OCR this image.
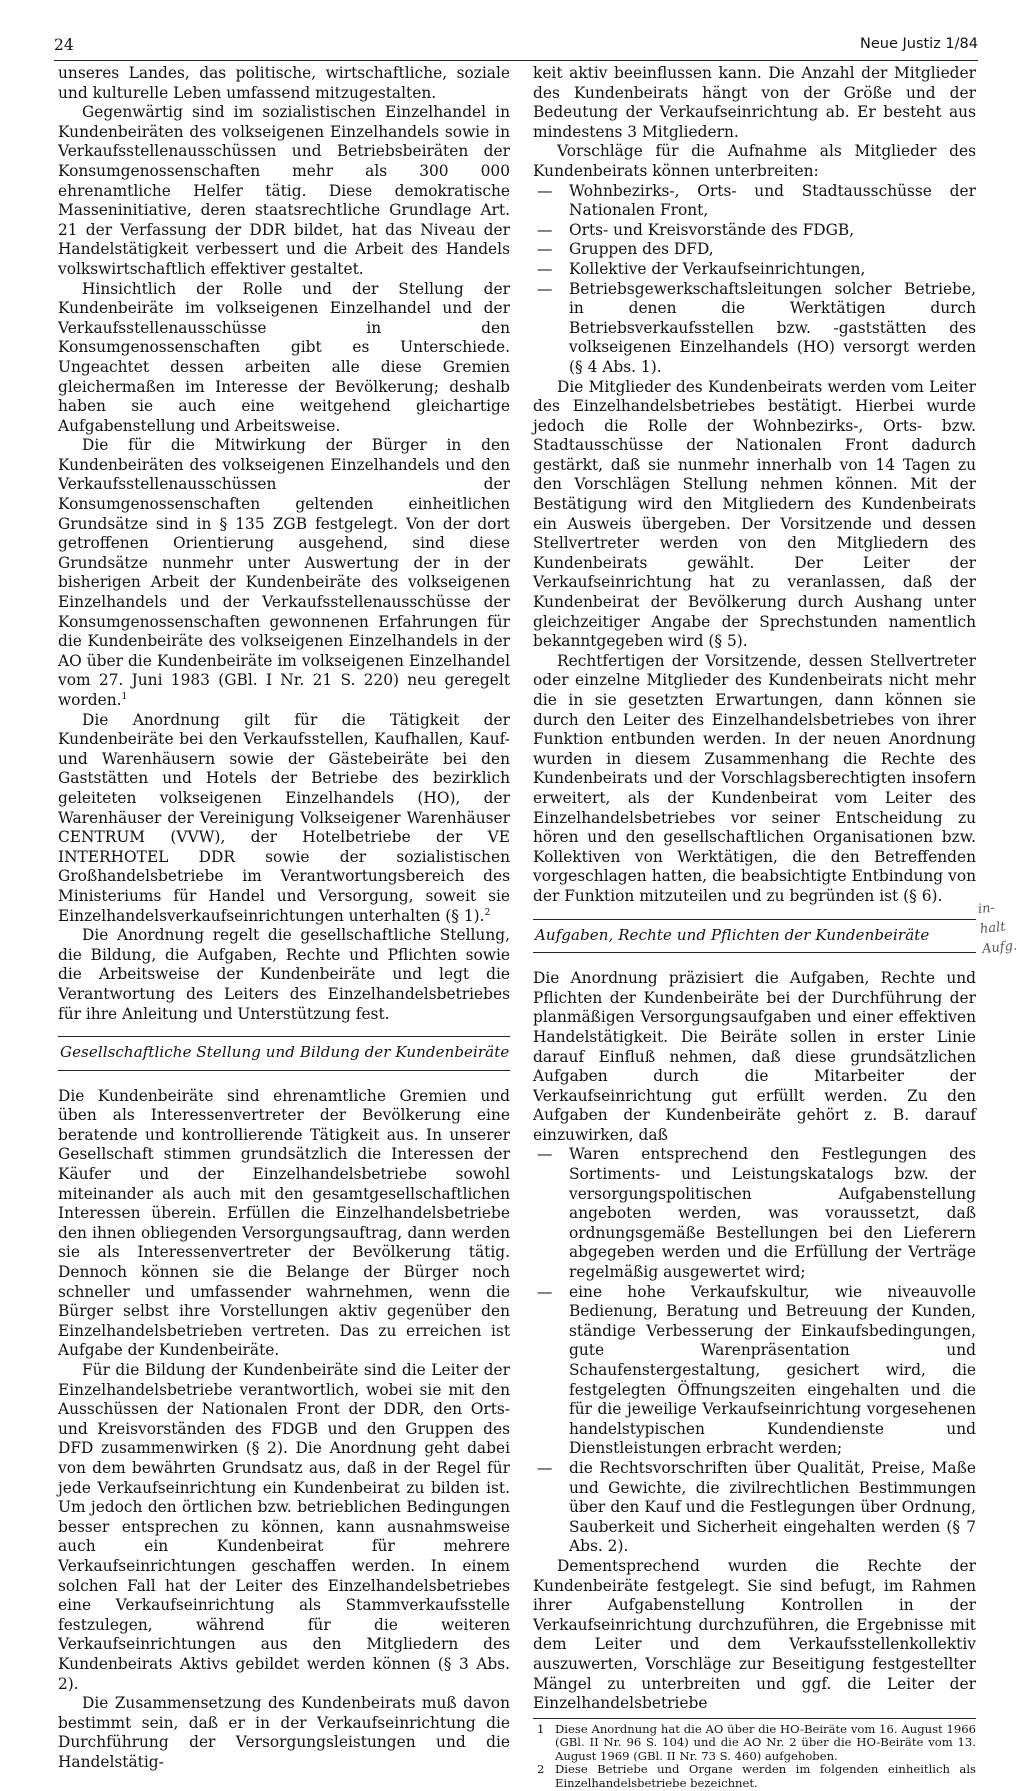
24	Neue Justiz 1/84

unseres Landes, das politische, wirtschaftliche, soziale und kulturelle Leben umfassend mitzugestalten.

Gegenwärtig sind im sozialistischen Einzelhandel in Kundenbeiräten des volkseigenen Einzelhandels sowie in Verkaufsstellenausschüssen und Betriebsbeiräten der Konsumgenossenschaften mehr als 300 000 ehrenamtliche Helfer tätig. Diese demokratische Masseninitiative, deren staatsrechtliche Grundlage Art. 21 der Verfassung der DDR bildet, hat das Niveau der Handelstätigkeit verbessert und die Arbeit des Handels volkswirtschaftlich effektiver gestaltet.

Hinsichtlich der Rolle und der Stellung der Kundenbeiräte im volkseigenen Einzelhandel und der Verkaufsstellenausschüsse in den Konsumgenossenschaften gibt es Unterschiede. Ungeachtet dessen arbeiten alle diese Gremien gleichermaßen im Interesse der Bevölkerung; deshalb haben sie auch eine weitgehend gleichartige Aufgabenstellung und Arbeitsweise.

Die für die Mitwirkung der Bürger in den Kundenbeiräten des volkseigenen Einzelhandels und den Verkaufsstellenausschüssen der Konsumgenossenschaften geltenden einheitlichen Grundsätze sind in § 135 ZGB festgelegt. Von der dort getroffenen Orientierung ausgehend, sind diese Grundsätze nunmehr unter Auswertung der in der bisherigen Arbeit der Kundenbeiräte des volkseigenen Einzelhandels und der Verkaufsstellenausschüsse der Konsumgenossenschaften gewonnenen Erfahrungen für die Kundenbeiräte des volkseigenen Einzelhandels in der AO über die Kundenbeiräte im volkseigenen Einzelhandel vom 27. Juni 1983 (GBl. I Nr. 21 S. 220) neu geregelt worden.$^1$

Die Anordnung gilt für die Tätigkeit der Kundenbeiräte bei den Verkaufsstellen, Kaufhallen, Kauf- und Warenhäusern sowie der Gästebeiräte bei den Gaststätten und Hotels der Betriebe des bezirklich geleiteten volkseigenen Einzelhandels (HO), der Warenhäuser der Vereinigung Volkseigener Warenhäuser CENTRUM (VVW), der Hotelbetriebe der VE INTERHOTEL DDR sowie der sozialistischen Großhandelsbetriebe im Verantwortungsbereich des Ministeriums für Handel und Versorgung, soweit sie Einzelhandelsverkaufseinrichtungen unterhalten (§ 1).$^2$

Die Anordnung regelt die gesellschaftliche Stellung, die Bildung, die Aufgaben, Rechte und Pflichten sowie die Arbeitsweise der Kundenbeiräte und legt die Verantwortung des Leiters des Einzelhandelsbetriebes für ihre Anleitung und Unterstützung fest.

Gesellschaftliche Stellung und Bildung der Kundenbeiräte

Die Kundenbeiräte sind ehrenamtliche Gremien und üben als Interessenvertreter der Bevölkerung eine beratende und kontrollierende Tätigkeit aus. In unserer Gesellschaft stimmen grundsätzlich die Interessen der Käufer und der Einzelhandelsbetriebe sowohl miteinander als auch mit den gesamtgesellschaftlichen Interessen überein. Erfüllen die Einzelhandelsbetriebe den ihnen obliegenden Versorgungsauftrag, dann werden sie als Interessenvertreter der Bevölkerung tätig. Dennoch können sie die Belange der Bürger noch schneller und umfassender wahrnehmen, wenn die Bürger selbst ihre Vorstellungen aktiv gegenüber den Einzelhandelsbetrieben vertreten. Das zu erreichen ist Aufgabe der Kundenbeiräte.

Für die Bildung der Kundenbeiräte sind die Leiter der Einzelhandelsbetriebe verantwortlich, wobei sie mit den Ausschüssen der Nationalen Front der DDR, den Orts- und Kreisvorständen des FDGB und den Gruppen des DFD zusammenwirken (§ 2). Die Anordnung geht dabei von dem bewährten Grundsatz aus, daß in der Regel für jede Verkaufseinrichtung ein Kundenbeirat zu bilden ist. Um jedoch den örtlichen bzw. betrieblichen Bedingungen besser entsprechen zu können, kann ausnahmsweise auch ein Kundenbeirat für mehrere Verkaufseinrichtungen geschaffen werden. In einem solchen Fall hat der Leiter des Einzelhandelsbetriebes eine Verkaufseinrichtung als Stammverkaufsstelle festzulegen, während für die weiteren Verkaufseinrichtungen aus den Mitgliedern des Kundenbeirats Aktivs gebildet werden können (§ 3 Abs. 2).

Die Zusammensetzung des Kundenbeirats muß davon bestimmt sein, daß er in der Verkaufseinrichtung die Durchführung der Versorgungsleistungen und die Handelstätig-

keit aktiv beeinflussen kann. Die Anzahl der Mitglieder des Kundenbeirats hängt von der Größe und der Bedeutung der Verkaufseinrichtung ab. Er besteht aus mindestens 3 Mitgliedern.

Vorschläge für die Aufnahme als Mitglieder des Kundenbeirats können unterbreiten:

— Wohnbezirks-, Orts- und Stadtausschüsse der Nationalen Front,
— Orts- und Kreisvorstände des FDGB,
— Gruppen des DFD,
— Kollektive der Verkaufseinrichtungen,
— Betriebsgewerkschaftsleitungen solcher Betriebe, in denen die Werktätigen durch Betriebsverkaufsstellen bzw. -gaststätten des volkseigenen Einzelhandels (HO) versorgt werden (§ 4 Abs. 1).

Die Mitglieder des Kundenbeirats werden vom Leiter des Einzelhandelsbetriebes bestätigt. Hierbei wurde jedoch die Rolle der Wohnbezirks-, Orts- bzw. Stadtausschüsse der Nationalen Front dadurch gestärkt, daß sie nunmehr innerhalb von 14 Tagen zu den Vorschlägen Stellung nehmen können. Mit der Bestätigung wird den Mitgliedern des Kundenbeirats ein Ausweis übergeben. Der Vorsitzende und dessen Stellvertreter werden von den Mitgliedern des Kundenbeirats gewählt. Der Leiter der Verkaufseinrichtung hat zu veranlassen, daß der Kundenbeirat der Bevölkerung durch Aushang unter gleichzeitiger Angabe der Sprechstunden namentlich bekanntgegeben wird (§ 5).

Rechtfertigen der Vorsitzende, dessen Stellvertreter oder einzelne Mitglieder des Kundenbeirats nicht mehr die in sie gesetzten Erwartungen, dann können sie durch den Leiter des Einzelhandelsbetriebes von ihrer Funktion entbunden werden. In der neuen Anordnung wurden in diesem Zusammenhang die Rechte des Kundenbeirats und der Vorschlagsberechtigten insofern erweitert, als der Kundenbeirat vom Leiter des Einzelhandelsbetriebes vor seiner Entscheidung zu hören und den gesellschaftlichen Organisationen bzw. Kollektiven von Werktätigen, die den Betreffenden vorgeschlagen hatten, die beabsichtigte Entbindung von der Funktion mitzuteilen und zu begründen ist (§ 6).

Aufgaben, Rechte und Pflichten der Kundenbeiräte

Die Anordnung präzisiert die Aufgaben, Rechte und Pflichten der Kundenbeiräte bei der Durchführung der planmäßigen Versorgungsaufgaben und einer effektiven Handelstätigkeit. Die Beiräte sollen in erster Linie darauf Einfluß nehmen, daß diese grundsätzlichen Aufgaben durch die Mitarbeiter der Verkaufseinrichtung gut erfüllt werden. Zu den Aufgaben der Kundenbeiräte gehört z. B. darauf einzuwirken, daß

— Waren entsprechend den Festlegungen des Sortiments- und Leistungskatalogs bzw. der versorgungspolitischen Aufgabenstellung angeboten werden, was voraussetzt, daß ordnungsgemäße Bestellungen bei den Lieferern abgegeben werden und die Erfüllung der Verträge regelmäßig ausgewertet wird;
— eine hohe Verkaufskultur, wie niveauvolle Bedienung, Beratung und Betreuung der Kunden, ständige Verbesserung der Einkaufsbedingungen, gute Warenpräsentation und Schaufenstergestaltung, gesichert wird, die festgelegten Öffnungszeiten eingehalten und die für die jeweilige Verkaufseinrichtung vorgesehenen handelstypischen Kundendienste und Dienstleistungen erbracht werden;
— die Rechtsvorschriften über Qualität, Preise, Maße und Gewichte, die zivilrechtlichen Bestimmungen über den Kauf und die Festlegungen über Ordnung, Sauberkeit und Sicherheit eingehalten werden (§ 7 Abs. 2).

Dementsprechend wurden die Rechte der Kundenbeiräte festgelegt. Sie sind befugt, im Rahmen ihrer Aufgabenstellung Kontrollen in der Verkaufseinrichtung durchzuführen, die Ergebnisse mit dem Leiter und dem Verkaufsstellenkollektiv auszuwerten, Vorschläge zur Beseitigung festgestellter Mängel zu unterbreiten und ggf. die Leiter der Einzelhandelsbetriebe

1 Diese Anordnung hat die AO über die HO-Beiräte vom 16. August 1966 (GBl. II Nr. 96 S. 104) und die AO Nr. 2 über die HO-Beiräte vom 13. August 1969 (GBl. II Nr. 73 S. 460) aufgehoben.
2 Diese Betriebe und Organe werden im folgenden einheitlich als Einzelhandelsbetriebe bezeichnet.
in- halt Aufg.
